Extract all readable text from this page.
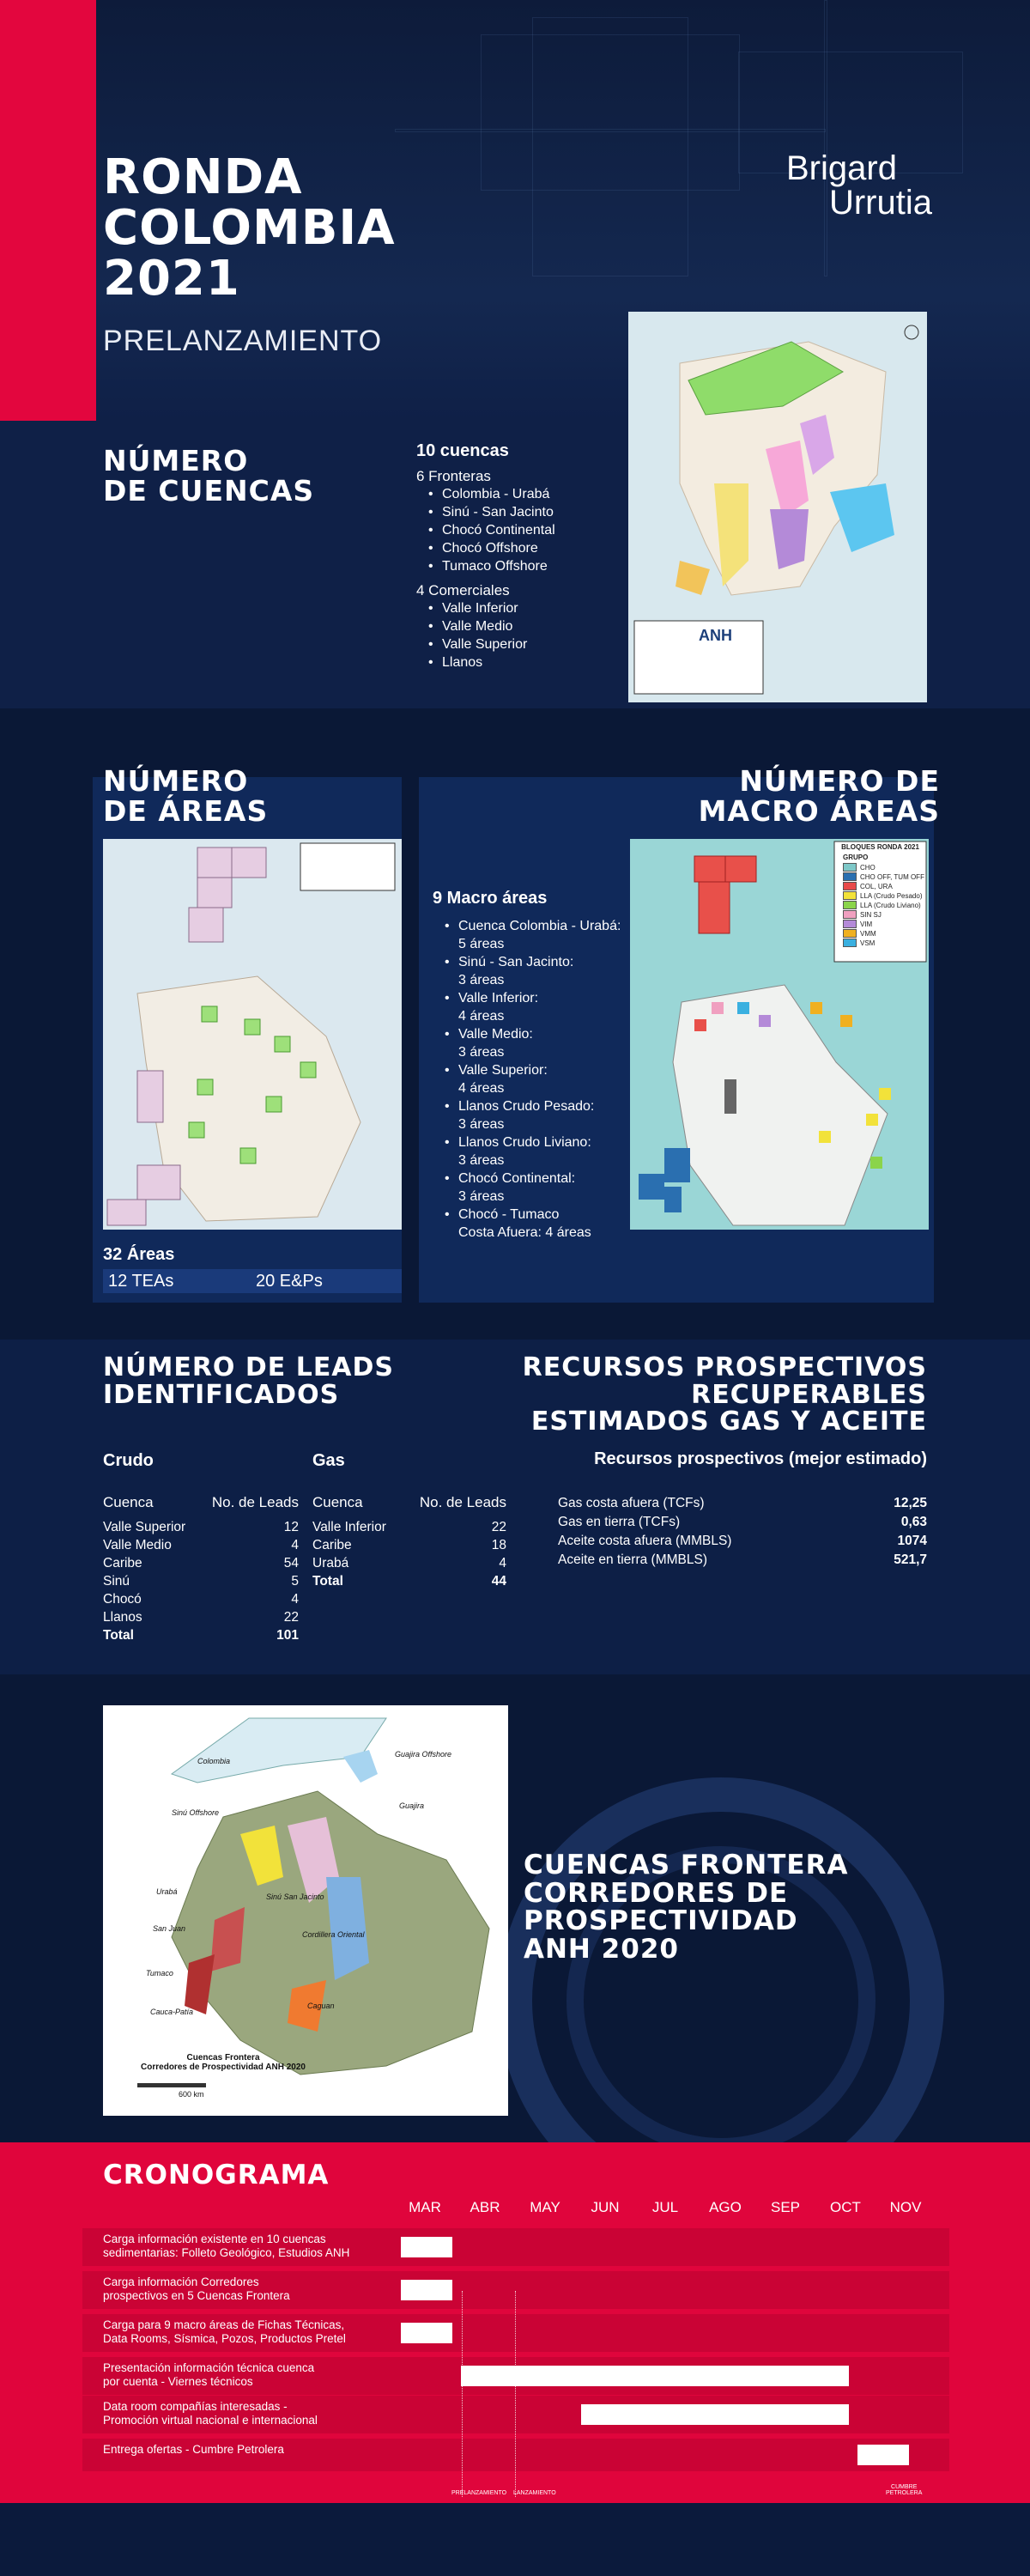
RONDA
COLOMBIA
2021
PRELANZAMIENTO
Brigard
Urrutia
NÚMERO
DE CUENCAS
10 cuencas
6 Fronteras
• Colombia - Urabá
• Sinú - San Jacinto
• Chocó Continental
• Chocó Offshore
• Tumaco Offshore
4 Comerciales
• Valle Inferior
• Valle Medio
• Valle Superior
• Llanos
ANH
NÚMERO
DE ÁREAS
32 Áreas
12 TEAs	20 E&Ps
NÚMERO DE
MACRO ÁREAS
9 Macro áreas
• Cuenca Colombia - Urabá:
5 áreas
• Sinú - San Jacinto:
3 áreas
• Valle Inferior:
4 áreas
• Valle Medio:
3 áreas
• Valle Superior:
4 áreas
• Llanos Crudo Pesado:
3 áreas
• Llanos Crudo Liviano:
3 áreas
• Chocó Continental:
3 áreas
• Chocó - Tumaco
Costa Afuera: 4 áreas
BLOQUES RONDA 2021
GRUPO
CHO
CHO OFF, TUM OFF
COL, URA
LLA (Crudo Pesado)
LLA (Crudo Liviano)
SIN SJ
VIM
VMM
VSM
NÚMERO DE LEADS
IDENTIFICADOS
Crudo	Gas
Cuenca	No. de Leads
Valle Superior	12
Valle Medio	4
Caribe	54
Sinú	5
Chocó	4
Llanos	22
Total	101
Cuenca	No. de Leads
Valle Inferior	22
Caribe	18
Urabá	4
Total	44
RECURSOS PROSPECTIVOS
RECUPERABLES
ESTIMADOS GAS Y ACEITE
Recursos prospectivos (mejor estimado)
Gas costa afuera (TCFs)	12,25
Gas en tierra (TCFs)	0,63
Aceite costa afuera (MMBLS)	1074
Aceite en tierra (MMBLS)	521,7
Cuencas Frontera
Corredores de Prospectividad ANH 2020
600 km
Colombia
Guajira Offshore
Guajira
Sinú Offshore
Urabá
Sinú San Jacinto
San Juan
Cordillera Oriental
Tumaco
Cauca-Patía
Caguan
CUENCAS FRONTERA
CORREDORES DE
PROSPECTIVIDAD
ANH 2020
CRONOGRAMA
MAR ABR MAY JUN JUL AGO SEP OCT NOV
Carga información existente en 10 cuencas
sedimentarias: Folleto Geológico, Estudios ANH
Carga información Corredores
prospectivos en 5 Cuencas Frontera
Carga para 9 macro áreas de Fichas Técnicas,
Data Rooms, Sísmica, Pozos, Productos Pretel
Presentación información técnica cuenca
por cuenta - Viernes técnicos
Data room compañías interesadas -
Promoción virtual nacional e internacional
Entrega ofertas - Cumbre Petrolera
PRELANZAMIENTO LANZAMIENTO
CUMBRE
PETROLERA
